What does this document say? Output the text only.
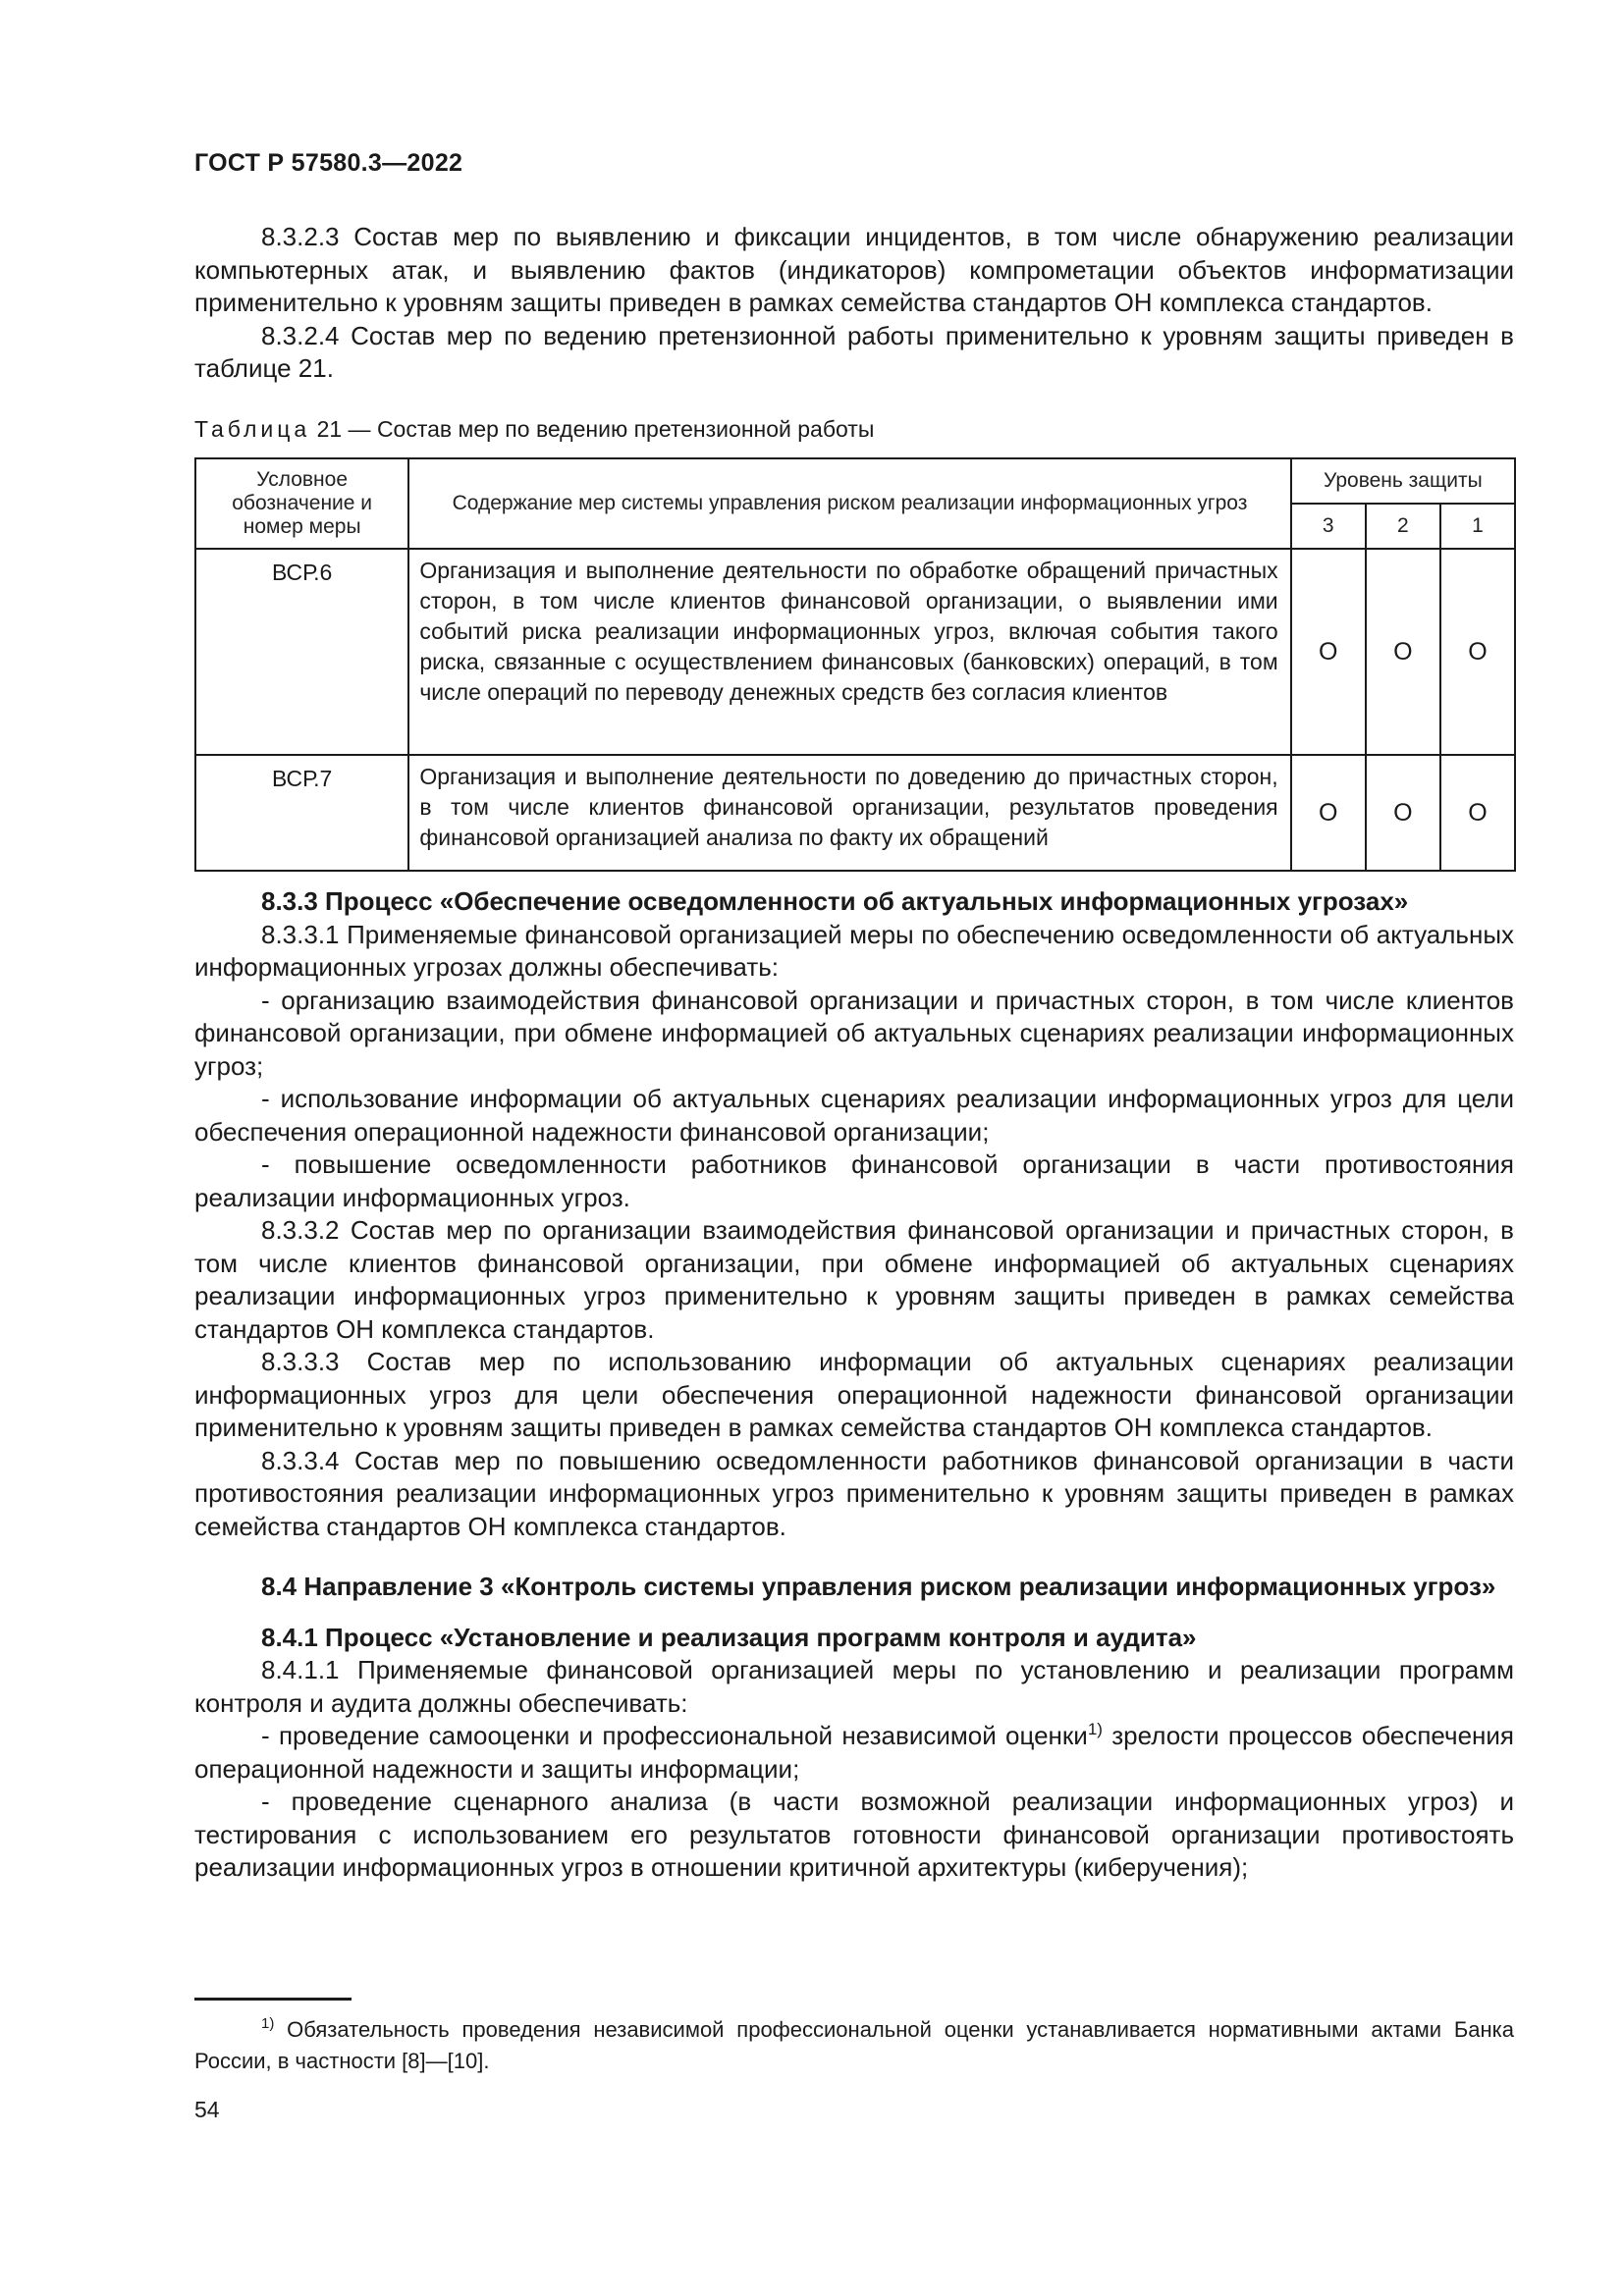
ГОСТ Р 57580.3—2022

8.3.2.3 Состав мер по выявлению и фиксации инцидентов, в том числе обнаружению реализации компьютерных атак, и выявлению фактов (индикаторов) компрометации объектов информатизации применительно к уровням защиты приведен в рамках семейства стандартов ОН комплекса стандартов.

8.3.2.4 Состав мер по ведению претензионной работы применительно к уровням защиты приведен в таблице 21.

Таблица 21 — Состав мер по ведению претензионной работы
Условное обозначение и номер меры	Содержание мер системы управления риском реализации информационных угроз	Уровень защиты		
		3	2	1
ВСР.6	Организация и выполнение деятельности по обработке обращений причастных сторон, в том числе клиентов финансовой организации, о выявлении ими событий риска реализации информационных угроз, включая события такого риска, связанные с осуществлением финансовых (банковских) операций, в том числе операций по переводу денежных средств без согласия клиентов	О	О	О
ВСР.7	Организация и выполнение деятельности по доведению до причастных сторон, в том числе клиентов финансовой организации, результатов проведения финансовой организацией анализа по факту их обращений	О	О	О

8.3.3 Процесс «Обеспечение осведомленности об актуальных информационных угрозах»

8.3.3.1 Применяемые финансовой организацией меры по обеспечению осведомленности об актуальных информационных угрозах должны обеспечивать:

- организацию взаимодействия финансовой организации и причастных сторон, в том числе клиентов финансовой организации, при обмене информацией об актуальных сценариях реализации информационных угроз;

- использование информации об актуальных сценариях реализации информационных угроз для цели обеспечения операционной надежности финансовой организации;

- повышение осведомленности работников финансовой организации в части противостояния реализации информационных угроз.

8.3.3.2 Состав мер по организации взаимодействия финансовой организации и причастных сторон, в том числе клиентов финансовой организации, при обмене информацией об актуальных сценариях реализации информационных угроз применительно к уровням защиты приведен в рамках семейства стандартов ОН комплекса стандартов.

8.3.3.3 Состав мер по использованию информации об актуальных сценариях реализации информационных угроз для цели обеспечения операционной надежности финансовой организации применительно к уровням защиты приведен в рамках семейства стандартов ОН комплекса стандартов.

8.3.3.4 Состав мер по повышению осведомленности работников финансовой организации в части противостояния реализации информационных угроз применительно к уровням защиты приведен в рамках семейства стандартов ОН комплекса стандартов.

8.4 Направление 3 «Контроль системы управления риском реализации информационных угроз»

8.4.1 Процесс «Установление и реализация программ контроля и аудита»

8.4.1.1 Применяемые финансовой организацией меры по установлению и реализации программ контроля и аудита должны обеспечивать:

- проведение самооценки и профессиональной независимой оценки$^{1)}$ зрелости процессов обеспечения операционной надежности и защиты информации;

- проведение сценарного анализа (в части возможной реализации информационных угроз) и тестирования с использованием его результатов готовности финансовой организации противостоять реализации информационных угроз в отношении критичной архитектуры (киберучения);

$^{1)}$ Обязательность проведения независимой профессиональной оценки устанавливается нормативными актами Банка России, в частности [8]—[10].
54
